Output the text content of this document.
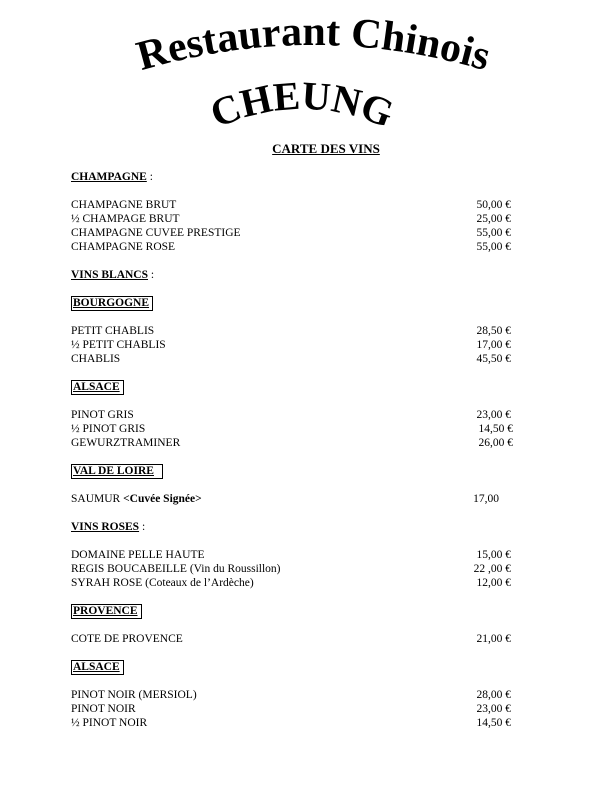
Restaurant Chinois
CHEUNG
CARTE DES VINS
CHAMPAGNE :
CHAMPAGNE BRUT	50,00 €
½ CHAMPAGE BRUT	25,00 €
CHAMPAGNE CUVEE PRESTIGE	55,00 €
CHAMPAGNE ROSE	55,00 €
VINS BLANCS :
BOURGOGNE
PETIT CHABLIS	28,50 €
½ PETIT CHABLIS	17,00 €
CHABLIS	45,50 €
ALSACE
PINOT GRIS	23,00 €
½ PINOT GRIS	14,50 €
GEWURZTRAMINER	26,00 €
VAL DE LOIRE
SAUMUR <Cuvée Signée>	17,00
VINS ROSES :
DOMAINE PELLE HAUTE	15,00 €
REGIS BOUCABEILLE (Vin du Roussillon)	22 ,00 €
SYRAH ROSE (Coteaux de l’Ardèche)	12,00 €
PROVENCE
COTE DE PROVENCE	21,00 €
ALSACE
PINOT NOIR (MERSIOL)	28,00 €
PINOT NOIR	23,00 €
½ PINOT NOIR	14,50 €
